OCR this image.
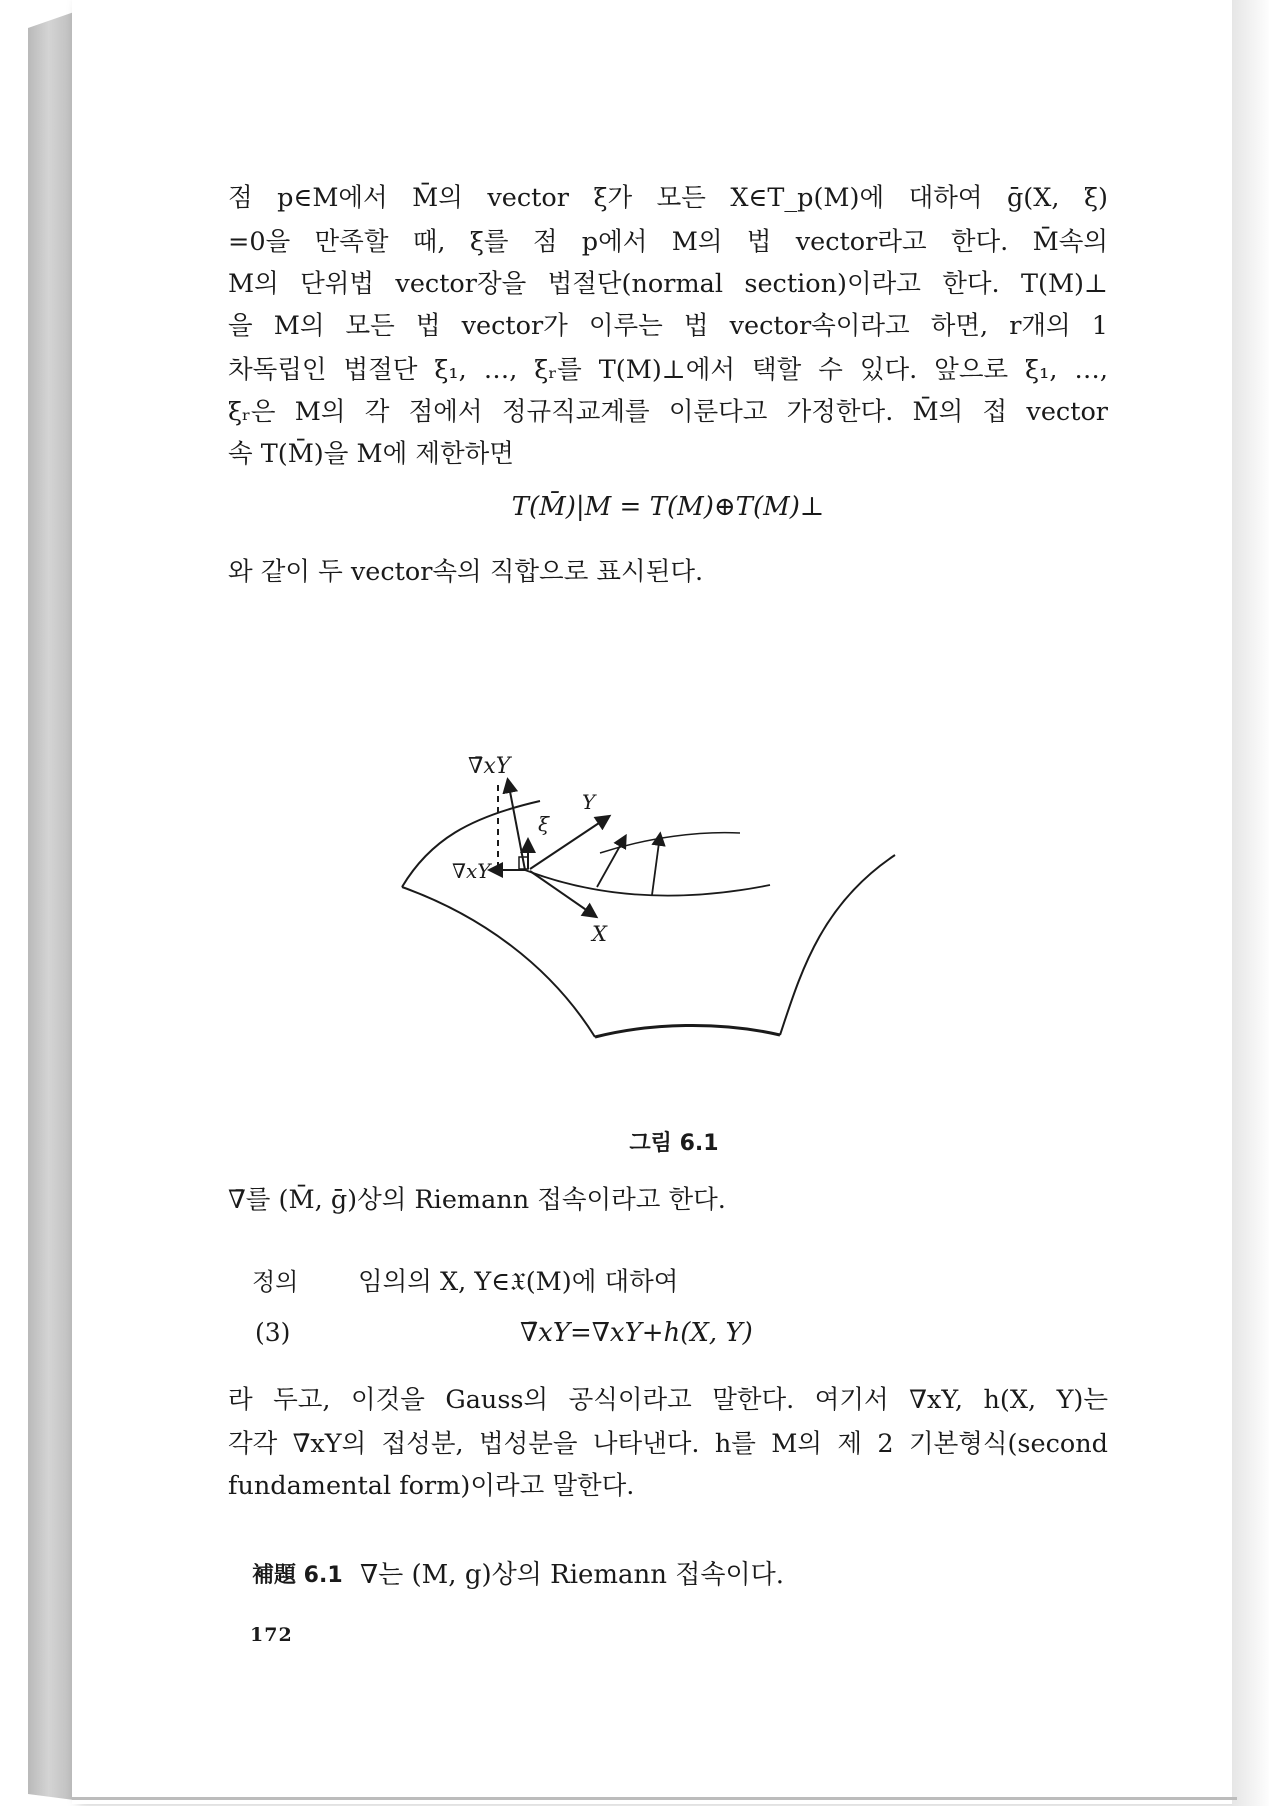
점 p∈M에서 M̄의 vector ξ가 모든 X∈T_p(M)에 대하여 ḡ(X, ξ)
=0을 만족할 때, ξ를 점 p에서 M의 법 vector라고 한다. M̄속의
M의 단위법 vector장을 법절단(normal section)이라고 한다. T(M)⊥
을 M의 모든 법 vector가 이루는 법 vector속이라고 하면, r개의 1
차독립인 법절단 ξ₁, …, ξᵣ를 T(M)⊥에서 택할 수 있다. 앞으로 ξ₁, …,
ξᵣ은 M의 각 점에서 정규직교계를 이룬다고 가정한다. M̄의 접 vector
속 T(M̄)을 M에 제한하면
T(M̄)|M = T(M)⊕T(M)⊥
와 같이 두 vector속의 직합으로 표시된다.
∇̄xY
∇xY
ξ
Y
X
그림 6.1
∇̄를 (M̄, ḡ)상의 Riemann 접속이라고 한다.
정의 임의의 X, Y∈𝔛(M)에 대하여
(3)	∇̄xY=∇xY+h(X, Y)
라 두고, 이것을 Gauss의 공식이라고 말한다. 여기서 ∇xY, h(X, Y)는
각각 ∇̄xY의 접성분, 법성분을 나타낸다. h를 M의 제 2 기본형식(second
fundamental form)이라고 말한다.
補題 6.1 ∇는 (M, g)상의 Riemann 접속이다.
172
